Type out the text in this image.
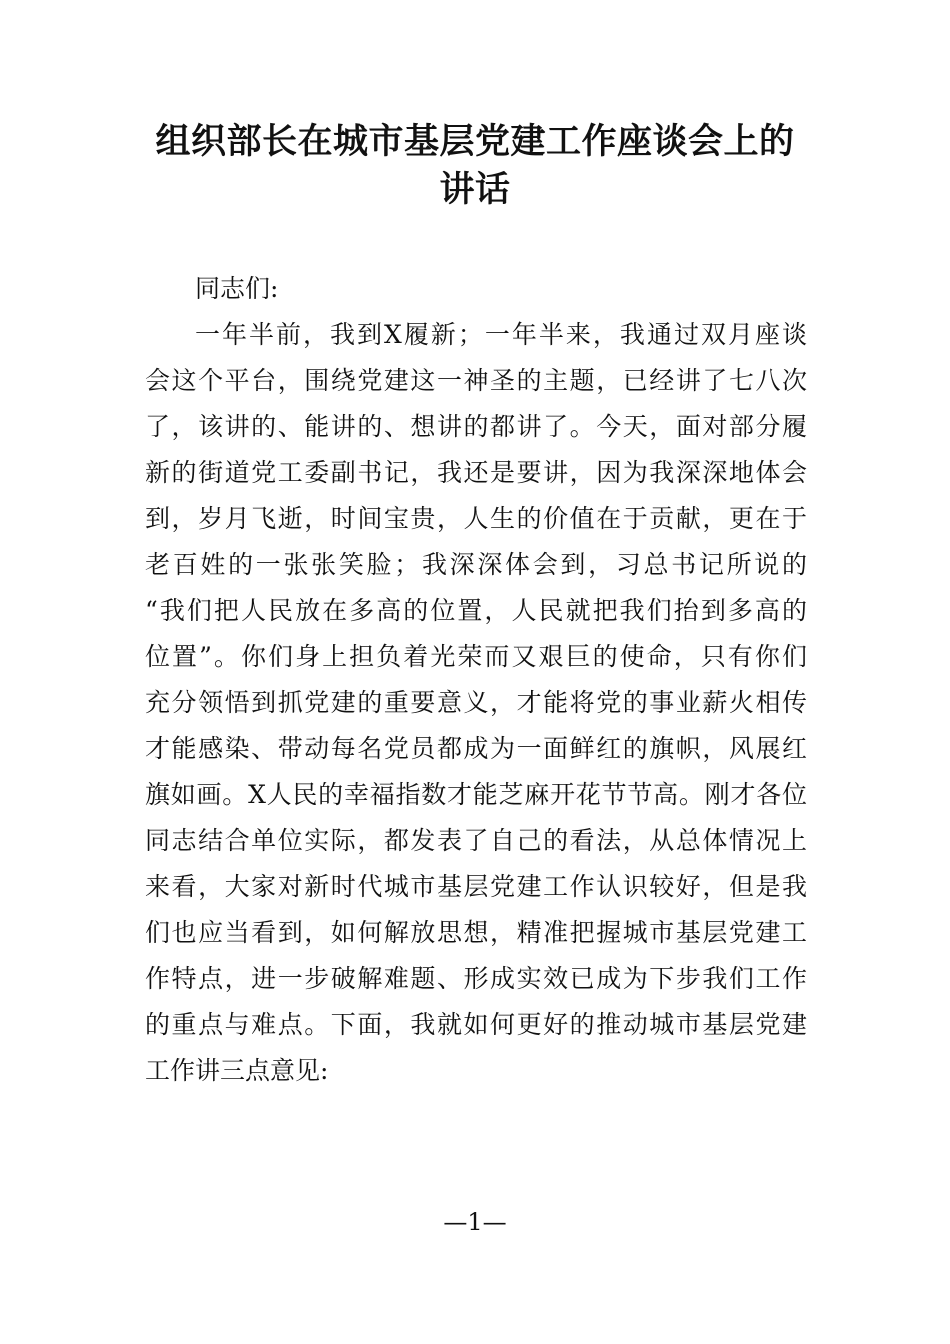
组织部长在城市基层党建工作座谈会上的
讲话
同志们:
一年半前，我到X履新；一年半来，我通过双月座谈
会这个平台，围绕党建这一神圣的主题，已经讲了七八次
了，该讲的、能讲的、想讲的都讲了。今天，面对部分履
新的街道党工委副书记，我还是要讲，因为我深深地体会
到，岁月飞逝，时间宝贵，人生的价值在于贡献，更在于
老百姓的一张张笑脸；我深深体会到，习总书记所说的
“我们把人民放在多高的位置，人民就把我们抬到多高的
位置”。你们身上担负着光荣而又艰巨的使命，只有你们
充分领悟到抓党建的重要意义，才能将党的事业薪火相传
才能感染、带动每名党员都成为一面鲜红的旗帜，风展红
旗如画。X人民的幸福指数才能芝麻开花节节高。刚才各位
同志结合单位实际，都发表了自己的看法，从总体情况上
来看，大家对新时代城市基层党建工作认识较好，但是我
们也应当看到，如何解放思想，精准把握城市基层党建工
作特点，进一步破解难题、形成实效已成为下步我们工作
的重点与难点。下面，我就如何更好的推动城市基层党建
工作讲三点意见:
—1—
